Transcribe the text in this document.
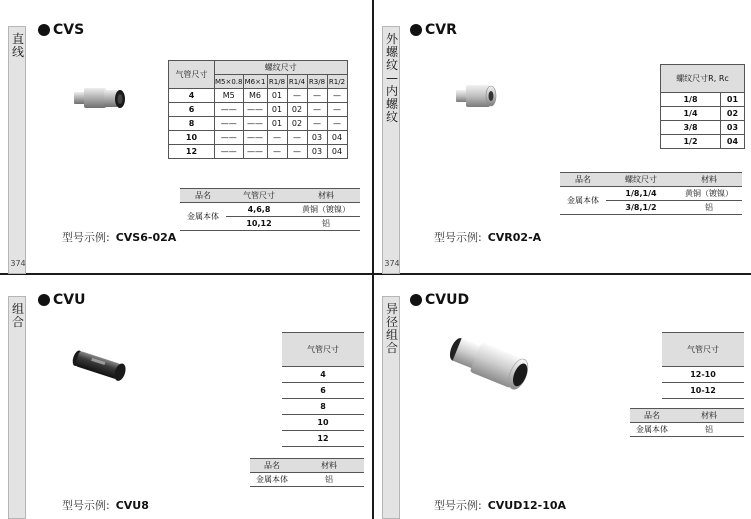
直线
374
CVS
气管尺寸	螺纹尺寸					
	M5×0.8	M6×1	R1/8	R1/4	R3/8	R1/2
4	M5	M6	01	—	—	—
6	——	——	01	02	—	—
8	——	——	01	02	—	—
10	——	——	—	—	03	04
12	——	——	—	—	03	04
品名	气管尺寸	材料
金属本体	4,6,8	黄铜（镀镍）
	10,12	铝
型号示例: CVS6-02A
外螺纹—内螺纹
374
CVR
螺纹尺寸R, Rc	
1/8	01
1/4	02
3/8	03
1/2	04
品名	螺纹尺寸	材料
金属本体	1/8,1/4	黄铜（镀镍）
	3/8,1/2	铝
型号示例: CVR02-A
组合
CVU
气管尺寸
4
6
8
10
12
品名	材料
金属本体	铝
型号示例: CVU8
异径组合
CVUD
气管尺寸
12-10
10-12
品名	材料
金属本体	铝
型号示例: CVUD12-10A
